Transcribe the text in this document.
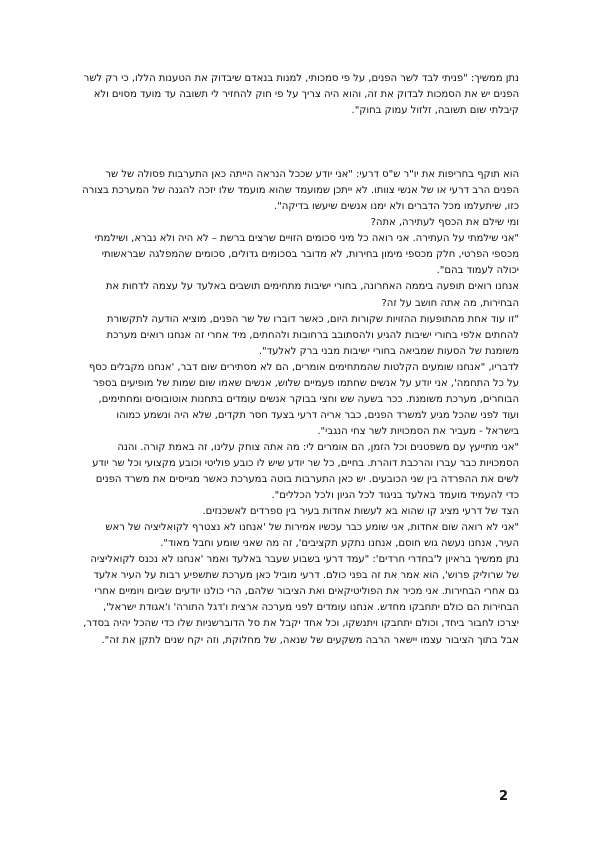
נתן ממשיך: "פניתי לבד לשר הפנים, על פי סמכותי, למנות בנאדם שיבדוק את הטענות הללו, כי רק לשר הפנים יש את הסמכות לבדוק את זה, והוא היה צריך על פי חוק להחזיר לי תשובה עד מועד מסוים ולא קיבלתי שום תשובה, זלזול עמוק בחוק".

הוא תוקף בחריפות את יו"ר ש"ס דרעי: "אני יודע שככל הנראה הייתה כאן התערבות פסולה של שר הפנים הרב דרעי או של אנשי צוותו. לא ייתכן שמועמד שהוא מועמד שלו יזכה להגנה של המערכת בצורה כזו, שיתעלמו מכל הדברים ולא ימנו אנשים שיעשו בדיקה".

ומי שילם את הכסף לעתירה, אתה?

"אני שילמתי על העתירה. אני רואה כל מיני סכומים הזויים שרצים ברשת – לא היה ולא נברא, ושילמתי מכספי הפרטי, חלק מכספי מימון בחירות, לא מדובר בסכומים גדולים, סכומים שהמפלגה שבראשותי יכולה לעמוד בהם".

אנחנו רואים תופעה ביממה האחרונה, בחורי ישיבות מתחימים תושבים באלעד על עצמה לדחות את הבחירות, מה אתה חושב על זה?

"זו עוד אחת מהתופעות ההזויות שקורות היום, כאשר דוברו של שר הפנים, מוציא הודעה לתקשורת להחתים אלפי בחורי ישיבות להגיע ולהסתובב ברחובות ולהחתים, מיד אחרי זה אנחנו רואים מערכת משומנת של הסעות שמביאה בחורי ישיבות מבני ברק לאלעד".

לדבריו, "אנחנו שומעים הקלטות שהמתחימים אומרים, הם לא מסתירים שום דבר, 'אנחנו מקבלים כסף על כל התחמה', אני יודע על אנשים שחתמו פעמיים שלוש, אנשים שאמו שום שמות של מופיעים בספר הבוחרים, מערכת משומנת. ככר בשעה שש וחצי בבוקר אנשים עומדים בתחנות אוטובוסים ומחתימים, ועוד לפני שהכל מגיע למשרד הפנים, כבר אריה דרעי בצעד חסר תקדים, שלא היה ונשמע כמוהו בישראל - מעביר את הסמכויות לשר צחי הנגבי".

"אני מתייעץ עם משפטנים וכל הזמן, הם אומרים לי: מה אתה צוחק עלינו, זה באמת קורה. והנה הסמכויות כבר עברו והרכבת דוהרת. בחיים, כל שר יודע שיש לו כובע פוליטי וכובע מקצועי וכל שר יודע לשים את ההפרדה בין שני הכובעים. יש כאן התערבות בוטה במערכת כאשר מגייסים את משרד הפנים כדי להעמיד מועמד באלעד בניגוד לכל הגיון ולכל הכללים".

הצד של דרעי מציג קו שהוא בא לעשות אחדות בעיר בין ספרדים לאשכנזים.

"אני לא רואה שום אחדות, אני שומע כבר עכשיו אמירות של 'אנחנו לא נצטרף לקואליציה של ראש העיר, אנחנו נעשה גוש חוסם, אנחנו נתקע תקציבים', זה מה שאני שומע וחבל מאוד".

נתן ממשיך בראיון ל'בחדרי חרדים': "עמד דרעי בשבוע שעבר באלעד ואמר 'אנחנו לא נכנס לקואליציה של שרוליק פרוש', הוא אמר את זה בפני כולם. דרעי מוביל כאן מערכת שתשפיע רבות על העיר אלעד גם אחרי הבחירות. אני מכיר את הפוליטיקאים ואת הציבור שלהם, הרי כולנו יודעים שביום ויומיים אחרי הבחירות הם כולם יתחבקו מחדש. אנחנו עומדים לפני מערכה ארצית ו'דגל התורה' ו'אגודת ישראל', יצרכו לחבור ביחד, וכולם יתחבקו ויתנשקו, וכל אחד יקבל את סל הדוברשניות שלו כדי שהכל יהיה בסדר, אבל בתוך הציבור עצמו יישאר הרבה משקעים של שנאה, של מחלוקת, וזה יקח שנים לתקן את זה".

2
